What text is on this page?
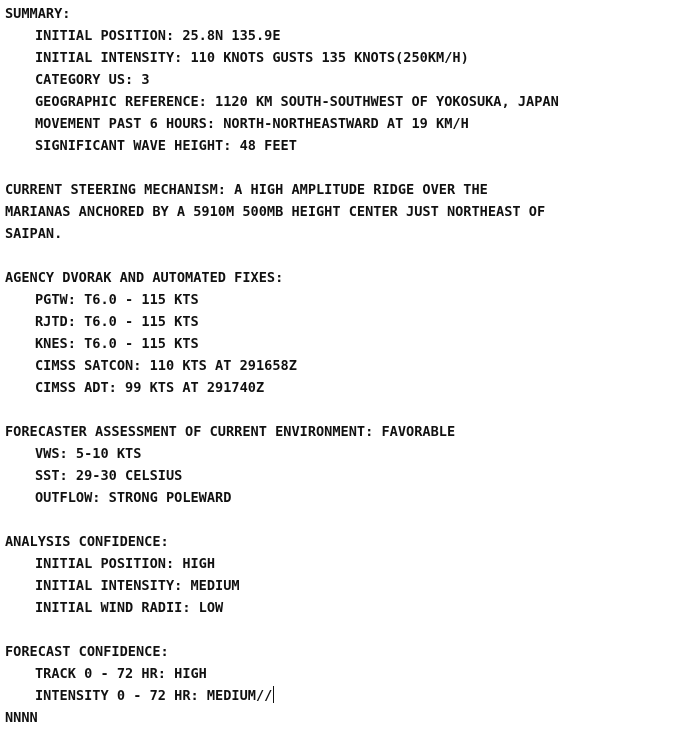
SUMMARY:
INITIAL POSITION: 25.8N 135.9E
INITIAL INTENSITY: 110 KNOTS GUSTS 135 KNOTS(250KM/H)
CATEGORY US: 3
GEOGRAPHIC REFERENCE: 1120 KM SOUTH-SOUTHWEST OF YOKOSUKA, JAPAN
MOVEMENT PAST 6 HOURS: NORTH-NORTHEASTWARD AT 19 KM/H
SIGNIFICANT WAVE HEIGHT: 48 FEET
CURRENT STEERING MECHANISM: A HIGH AMPLITUDE RIDGE OVER THE
MARIANAS ANCHORED BY A 5910M 500MB HEIGHT CENTER JUST NORTHEAST OF
SAIPAN.
AGENCY DVORAK AND AUTOMATED FIXES:
PGTW: T6.0 - 115 KTS
RJTD: T6.0 - 115 KTS
KNES: T6.0 - 115 KTS
CIMSS SATCON: 110 KTS AT 291658Z
CIMSS ADT: 99 KTS AT 291740Z
FORECASTER ASSESSMENT OF CURRENT ENVIRONMENT: FAVORABLE
VWS: 5-10 KTS
SST: 29-30 CELSIUS
OUTFLOW: STRONG POLEWARD
ANALYSIS CONFIDENCE:
INITIAL POSITION: HIGH
INITIAL INTENSITY: MEDIUM
INITIAL WIND RADII: LOW
FORECAST CONFIDENCE:
TRACK 0 - 72 HR: HIGH
INTENSITY 0 - 72 HR: MEDIUM//
NNNN
